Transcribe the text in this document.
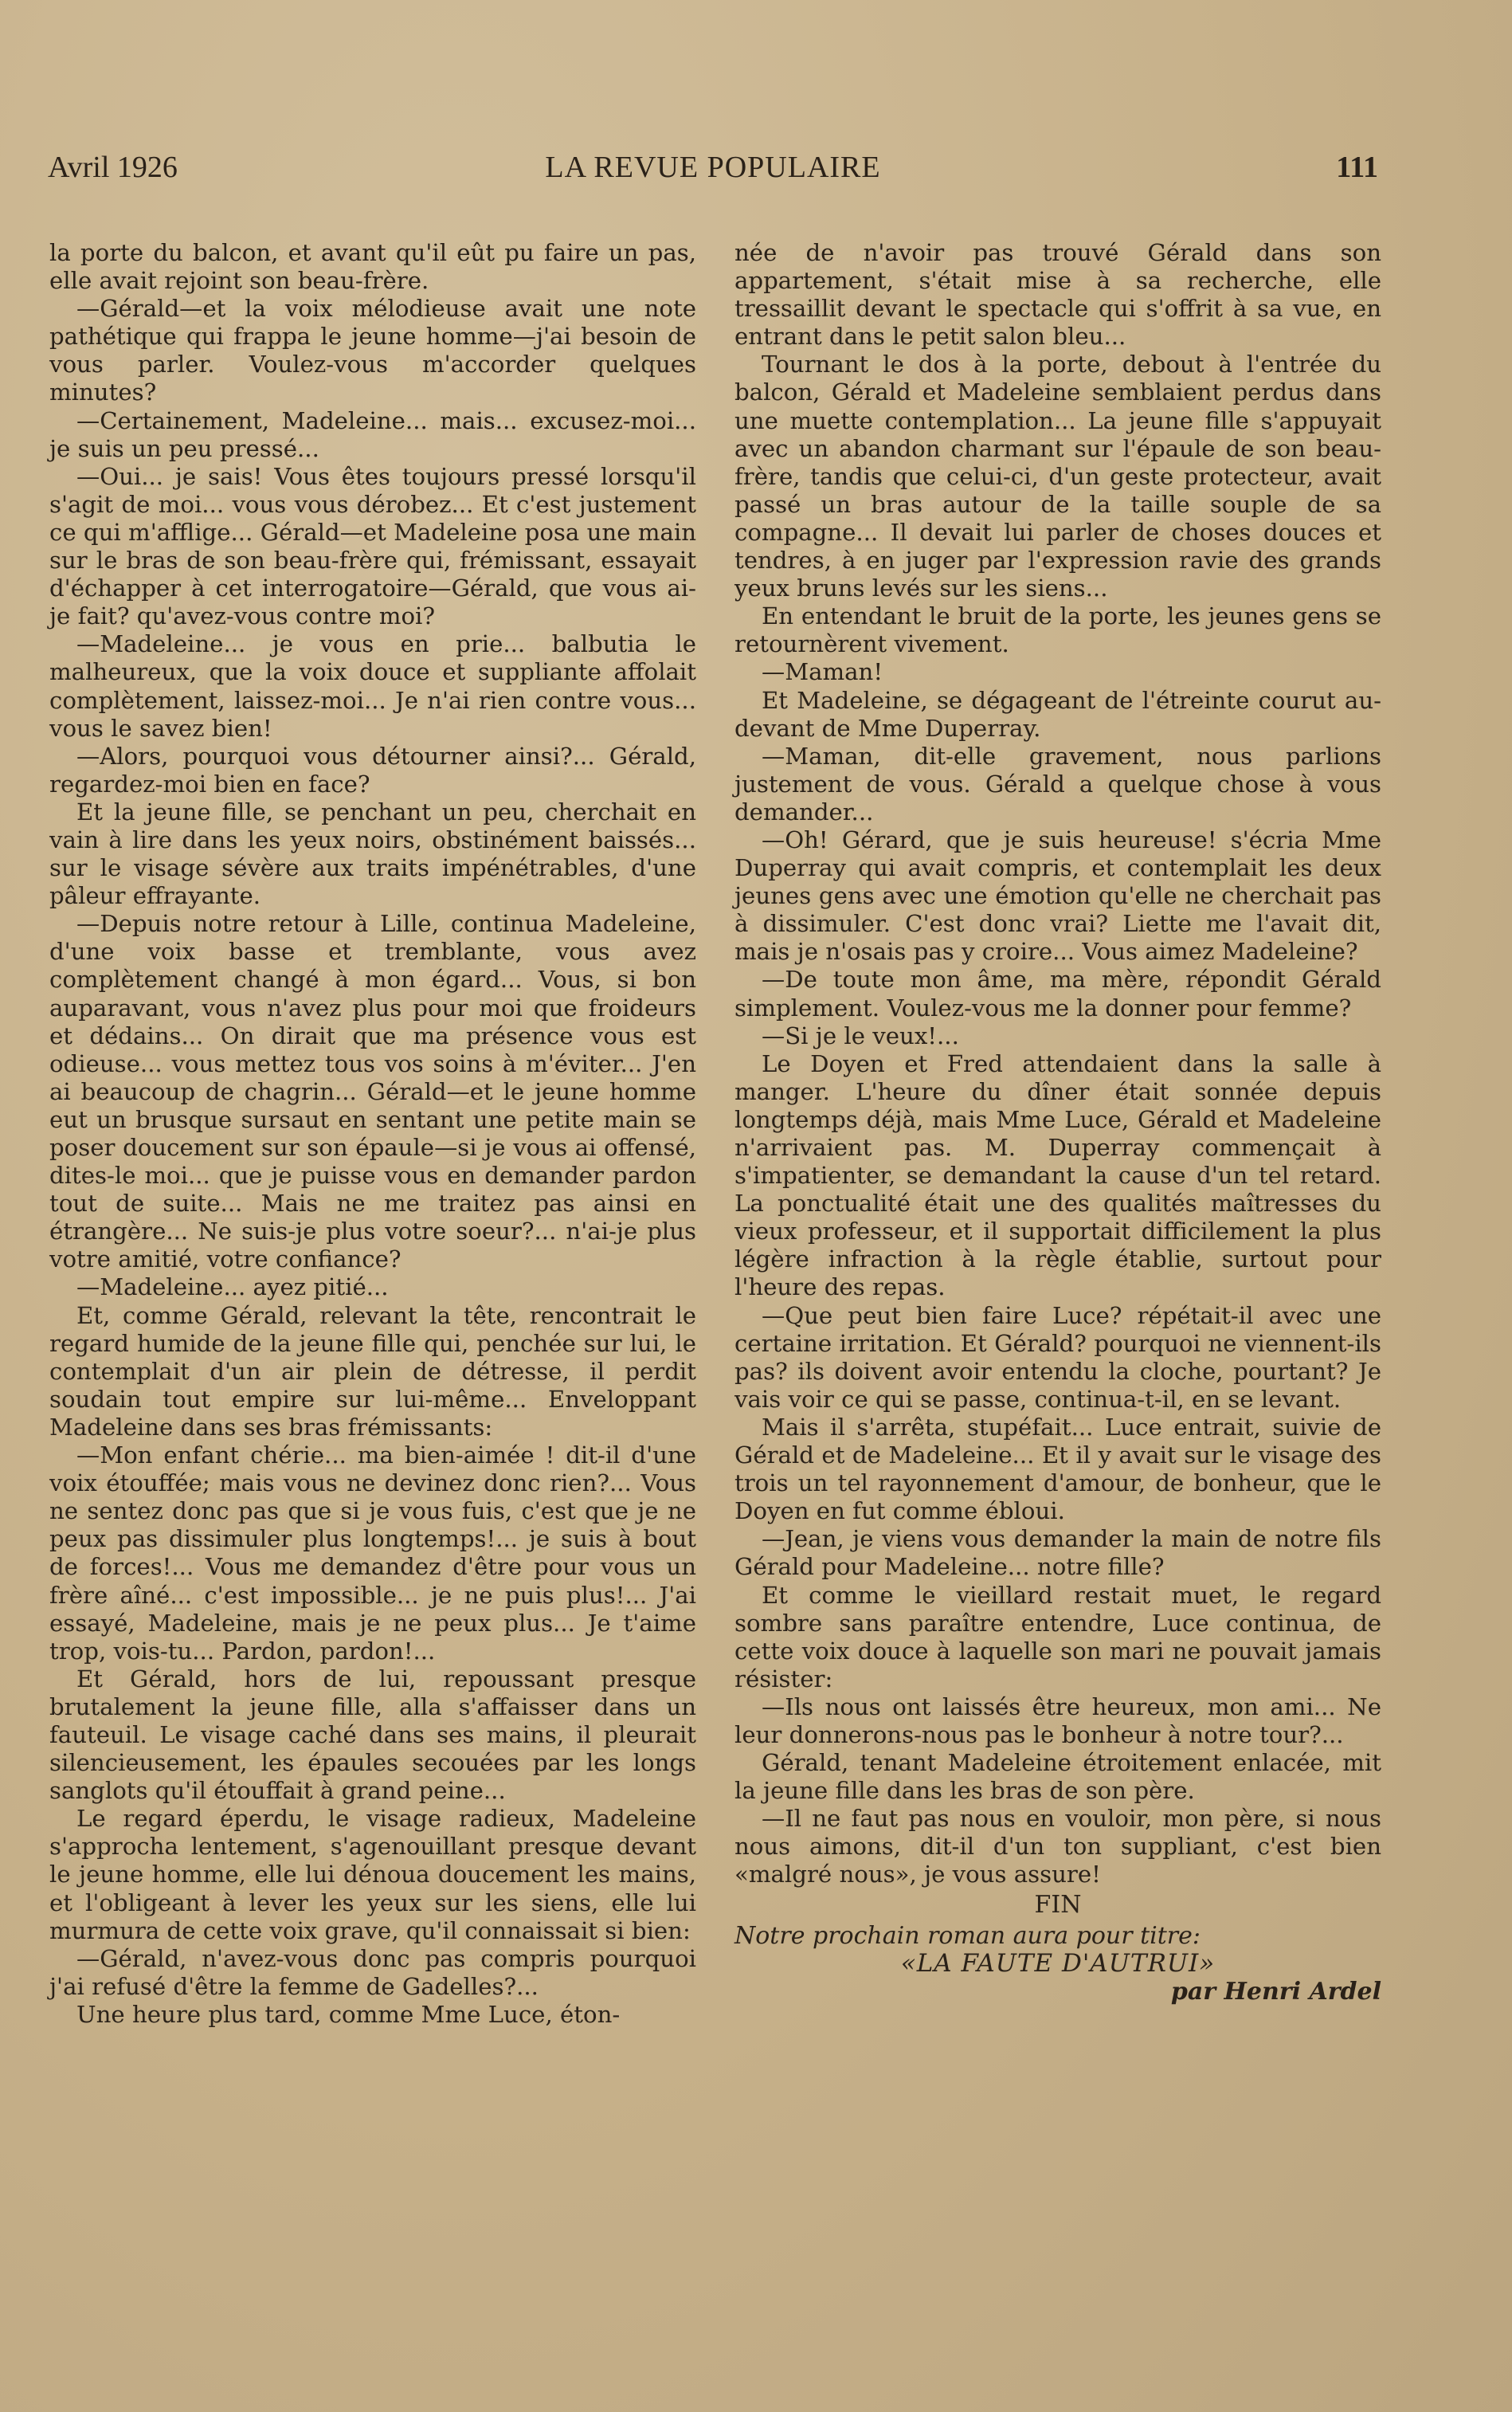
Avril 1926	LA REVUE POPULAIRE	111

la porte du balcon, et avant qu'il eût pu faire un pas, elle avait rejoint son beau-frère.

—Gérald—et la voix mélodieuse avait une note pathétique qui frappa le jeune homme—j'ai besoin de vous parler. Voulez-vous m'accorder quelques minutes?

—Certainement, Madeleine... mais... excusez-moi... je suis un peu pressé...

—Oui... je sais! Vous êtes toujours pressé lorsqu'il s'agit de moi... vous vous dérobez... Et c'est justement ce qui m'afflige... Gérald—et Madeleine posa une main sur le bras de son beau-frère qui, frémissant, essayait d'échapper à cet interrogatoire—Gérald, que vous ai-je fait? qu'avez-vous contre moi?

—Madeleine... je vous en prie... balbutia le malheureux, que la voix douce et suppliante affolait complètement, laissez-moi... Je n'ai rien contre vous... vous le savez bien!

—Alors, pourquoi vous détourner ainsi?... Gérald, regardez-moi bien en face?

Et la jeune fille, se penchant un peu, cherchait en vain à lire dans les yeux noirs, obstinément baissés... sur le visage sévère aux traits impénétrables, d'une pâleur effrayante.

—Depuis notre retour à Lille, continua Madeleine, d'une voix basse et tremblante, vous avez complètement changé à mon égard... Vous, si bon auparavant, vous n'avez plus pour moi que froideurs et dédains... On dirait que ma présence vous est odieuse... vous mettez tous vos soins à m'éviter... J'en ai beaucoup de chagrin... Gérald—et le jeune homme eut un brusque sursaut en sentant une petite main se poser doucement sur son épaule—si je vous ai offensé, dites-le moi... que je puisse vous en demander pardon tout de suite... Mais ne me traitez pas ainsi en étrangère... Ne suis-je plus votre soeur?... n'ai-je plus votre amitié, votre confiance?

—Madeleine... ayez pitié...

Et, comme Gérald, relevant la tête, rencontrait le regard humide de la jeune fille qui, penchée sur lui, le contemplait d'un air plein de détresse, il perdit soudain tout empire sur lui-même... Enveloppant Madeleine dans ses bras frémissants:

—Mon enfant chérie... ma bien-aimée ! dit-il d'une voix étouffée; mais vous ne devinez donc rien?... Vous ne sentez donc pas que si je vous fuis, c'est que je ne peux pas dissimuler plus longtemps!... je suis à bout de forces!... Vous me demandez d'être pour vous un frère aîné... c'est impossible... je ne puis plus!... J'ai essayé, Madeleine, mais je ne peux plus... Je t'aime trop, vois-tu... Pardon, pardon!...

Et Gérald, hors de lui, repoussant presque brutalement la jeune fille, alla s'affaisser dans un fauteuil. Le visage caché dans ses mains, il pleurait silencieusement, les épaules secouées par les longs sanglots qu'il étouffait à grand peine...

Le regard éperdu, le visage radieux, Madeleine s'approcha lentement, s'agenouillant presque devant le jeune homme, elle lui dénoua doucement les mains, et l'obligeant à lever les yeux sur les siens, elle lui murmura de cette voix grave, qu'il connaissait si bien:

—Gérald, n'avez-vous donc pas compris pourquoi j'ai refusé d'être la femme de Gadelles?...

Une heure plus tard, comme Mme Luce, éton-

née de n'avoir pas trouvé Gérald dans son appartement, s'était mise à sa recherche, elle tressaillit devant le spectacle qui s'offrit à sa vue, en entrant dans le petit salon bleu...

Tournant le dos à la porte, debout à l'entrée du balcon, Gérald et Madeleine semblaient perdus dans une muette contemplation... La jeune fille s'appuyait avec un abandon charmant sur l'épaule de son beau-frère, tandis que celui-ci, d'un geste protecteur, avait passé un bras autour de la taille souple de sa compagne... Il devait lui parler de choses douces et tendres, à en juger par l'expression ravie des grands yeux bruns levés sur les siens...

En entendant le bruit de la porte, les jeunes gens se retournèrent vivement.

—Maman!

Et Madeleine, se dégageant de l'étreinte courut au-devant de Mme Duperray.

—Maman, dit-elle gravement, nous parlions justement de vous. Gérald a quelque chose à vous demander...

—Oh! Gérard, que je suis heureuse! s'écria Mme Duperray qui avait compris, et contemplait les deux jeunes gens avec une émotion qu'elle ne cherchait pas à dissimuler. C'est donc vrai? Liette me l'avait dit, mais je n'osais pas y croire... Vous aimez Madeleine?

—De toute mon âme, ma mère, répondit Gérald simplement. Voulez-vous me la donner pour femme?

—Si je le veux!...

Le Doyen et Fred attendaient dans la salle à manger. L'heure du dîner était sonnée depuis longtemps déjà, mais Mme Luce, Gérald et Madeleine n'arrivaient pas. M. Duperray commençait à s'impatienter, se demandant la cause d'un tel retard. La ponctualité était une des qualités maîtresses du vieux professeur, et il supportait difficilement la plus légère infraction à la règle établie, surtout pour l'heure des repas.

—Que peut bien faire Luce? répétait-il avec une certaine irritation. Et Gérald? pourquoi ne viennent-ils pas? ils doivent avoir entendu la cloche, pourtant? Je vais voir ce qui se passe, continua-t-il, en se levant.

Mais il s'arrêta, stupéfait... Luce entrait, suivie de Gérald et de Madeleine... Et il y avait sur le visage des trois un tel rayonnement d'amour, de bonheur, que le Doyen en fut comme ébloui.

—Jean, je viens vous demander la main de notre fils Gérald pour Madeleine... notre fille?

Et comme le vieillard restait muet, le regard sombre sans paraître entendre, Luce continua, de cette voix douce à laquelle son mari ne pouvait jamais résister:

—Ils nous ont laissés être heureux, mon ami... Ne leur donnerons-nous pas le bonheur à notre tour?...

Gérald, tenant Madeleine étroitement enlacée, mit la jeune fille dans les bras de son père.

—Il ne faut pas nous en vouloir, mon père, si nous nous aimons, dit-il d'un ton suppliant, c'est bien «malgré nous», je vous assure!

FIN

Notre prochain roman aura pour titre:

«LA FAUTE D'AUTRUI»

par Henri Ardel
